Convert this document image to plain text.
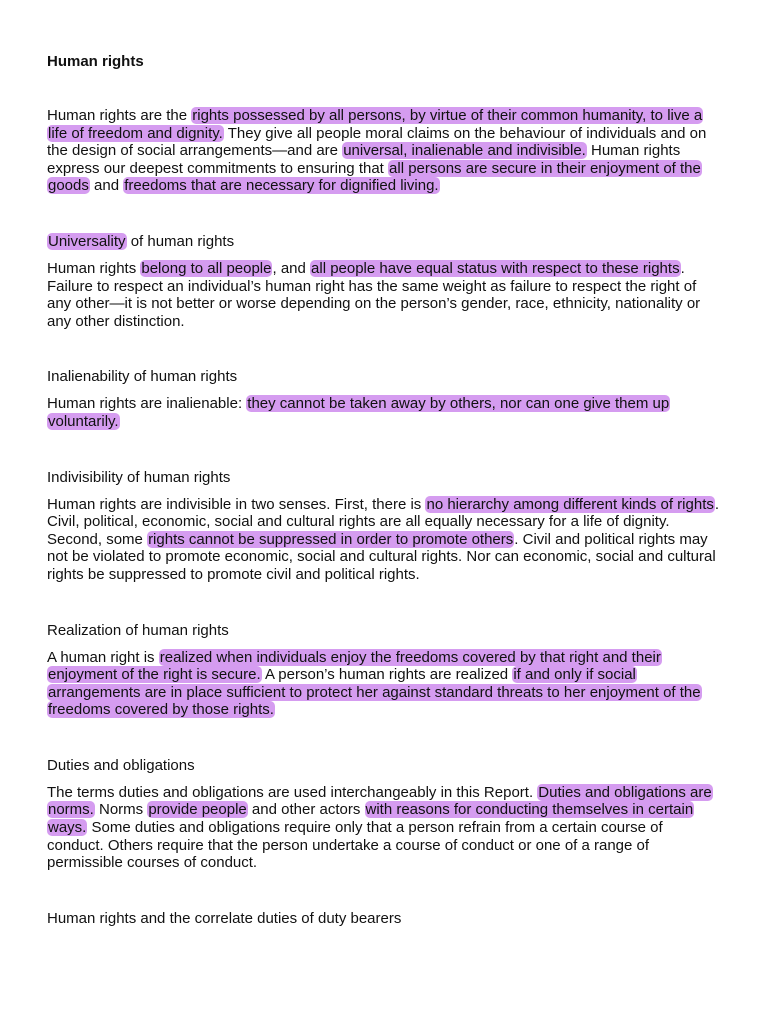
Human rights

Human rights are the rights possessed by all persons, by virtue of their common humanity, to live a life of freedom and dignity. They give all people moral claims on the behaviour of individuals and on the design of social arrangements—and are universal, inalienable and indivisible. Human rights express our deepest commitments to ensuring that all persons are secure in their enjoyment of the goods and freedoms that are necessary for dignified living.

Universality of human rights

Human rights belong to all people, and all people have equal status with respect to these rights. Failure to respect an individual’s human right has the same weight as failure to respect the right of any other—it is not better or worse depending on the person’s gender, race, ethnicity, nationality or any other distinction.

Inalienability of human rights

Human rights are inalienable: they cannot be taken away by others, nor can one give them up voluntarily.

Indivisibility of human rights

Human rights are indivisible in two senses. First, there is no hierarchy among different kinds of rights. Civil, political, economic, social and cultural rights are all equally necessary for a life of dignity. Second, some rights cannot be suppressed in order to promote others. Civil and political rights may not be violated to promote economic, social and cultural rights. Nor can economic, social and cultural rights be suppressed to promote civil and political rights.

Realization of human rights

A human right is realized when individuals enjoy the freedoms covered by that right and their enjoyment of the right is secure. A person’s human rights are realized if and only if social arrangements are in place sufficient to protect her against standard threats to her enjoyment of the freedoms covered by those rights.

Duties and obligations

The terms duties and obligations are used interchangeably in this Report. Duties and obligations are norms. Norms provide people and other actors with reasons for conducting themselves in certain ways. Some duties and obligations require only that a person refrain from a certain course of conduct. Others require that the person undertake a course of conduct or one of a range of permissible courses of conduct.

Human rights and the correlate duties of duty bearers
